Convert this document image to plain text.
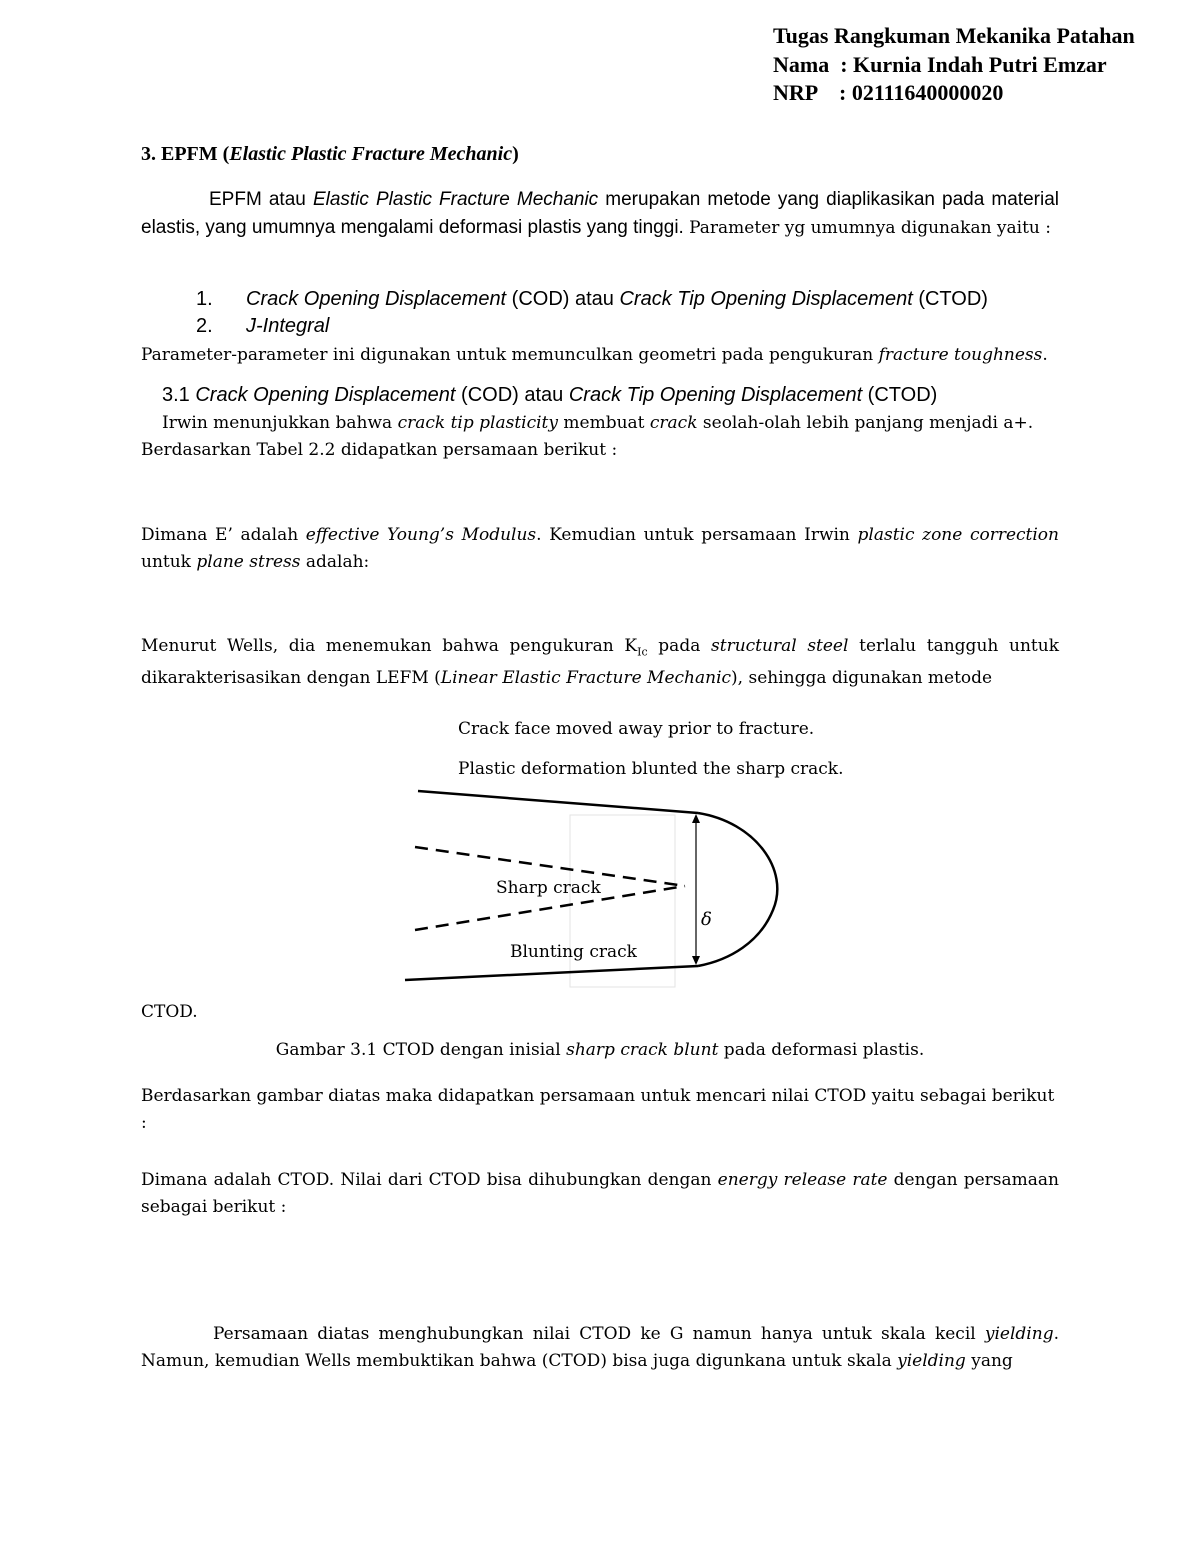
Tugas Rangkuman Mekanika Patahan
Nama  : Kurnia Indah Putri Emzar
NRP    : 02111640000020
3. EPFM (Elastic Plastic Fracture Mechanic)
EPFM atau Elastic Plastic Fracture Mechanic merupakan metode yang diaplikasikan pada material elastis, yang umumnya mengalami deformasi plastis yang tinggi. Parameter yg umumnya digunakan yaitu :
1. Crack Opening Displacement (COD) atau Crack Tip Opening Displacement (CTOD)
2. J-Integral
Parameter-parameter ini digunakan untuk memunculkan geometri pada pengukuran fracture toughness.
3.1 Crack Opening Displacement (COD) atau Crack Tip Opening Displacement (CTOD)
Irwin menunjukkan bahwa crack tip plasticity membuat crack seolah-olah lebih panjang menjadi a+.
Berdasarkan Tabel 2.2 didapatkan persamaan berikut :
Dimana E’ adalah effective Young’s Modulus. Kemudian untuk persamaan Irwin plastic zone correction untuk plane stress adalah:
Menurut Wells, dia menemukan bahwa pengukuran $K_{Ic}$ pada structural steel terlalu tangguh untuk dikarakterisasikan dengan LEFM (Linear Elastic Fracture Mechanic), sehingga digunakan metode
Crack face moved away prior to fracture.
Plastic deformation blunted the sharp crack.
Sharp crack
Blunting crack
δ
CTOD.
Gambar 3.1 CTOD dengan inisial sharp crack blunt pada deformasi plastis.
Berdasarkan gambar diatas maka didapatkan persamaan untuk mencari nilai CTOD yaitu sebagai berikut :
Dimana adalah CTOD. Nilai dari CTOD bisa dihubungkan dengan energy release rate dengan persamaan sebagai berikut :
Persamaan diatas menghubungkan nilai CTOD ke G namun hanya untuk skala kecil yielding. Namun, kemudian Wells membuktikan bahwa (CTOD) bisa juga digunkana untuk skala yielding yang
